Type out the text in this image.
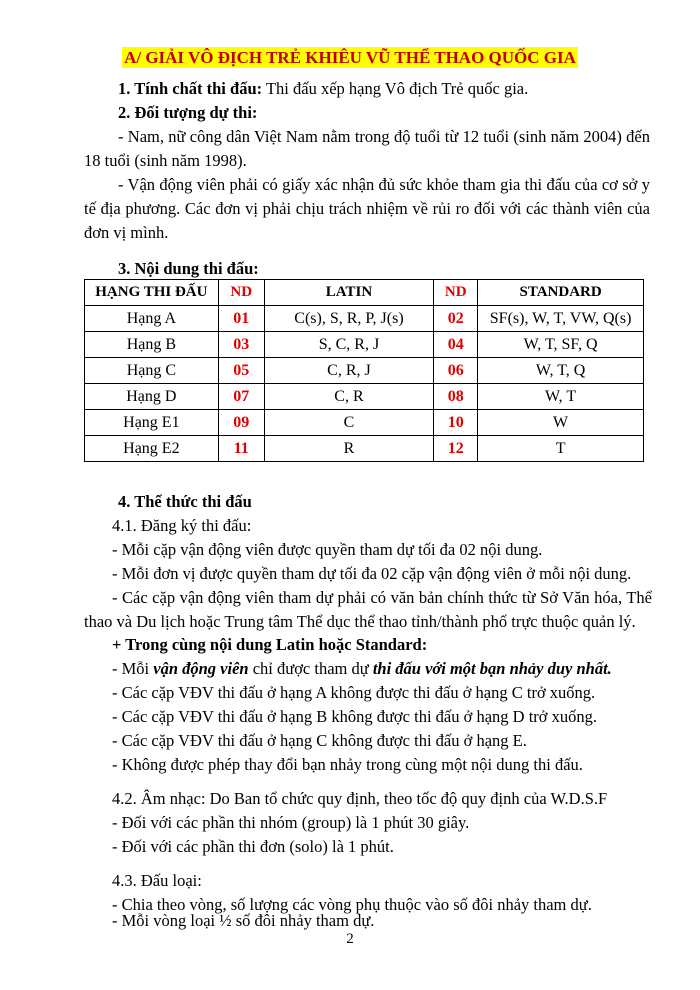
A/ GIẢI VÔ ĐỊCH TRẺ KHIÊU VŨ THỂ THAO QUỐC GIA
1. Tính chất thi đấu: Thi đấu xếp hạng Vô địch Trẻ quốc gia.
2. Đối tượng dự thi:
- Nam, nữ công dân Việt Nam nằm trong độ tuổi từ 12 tuổi (sinh năm 2004) đến 18 tuổi (sinh năm 1998).
- Vận động viên phải có giấy xác nhận đủ sức khỏe tham gia thi đấu của cơ sở y tế địa phương. Các đơn vị phải chịu trách nhiệm về rủi ro đối với các thành viên của đơn vị mình.
3. Nội dung thi đấu:
HẠNG THI ĐẤU	ND	LATIN	ND	STANDARD
Hạng A	01	C(s), S, R, P, J(s)	02	SF(s), W, T, VW, Q(s)
Hạng B	03	S, C, R, J	04	W, T, SF, Q
Hạng C	05	C, R, J	06	W, T, Q
Hạng D	07	C, R	08	W, T
Hạng E1	09	C	10	W
Hạng E2	11	R	12	T
4. Thể thức thi đấu
4.1. Đăng ký thi đấu:
- Mỗi cặp vận động viên được quyền tham dự tối đa 02 nội dung.
- Mỗi đơn vị được quyền tham dự tối đa 02 cặp vận động viên ở mỗi nội dung.
- Các cặp vận động viên tham dự phải có văn bản chính thức từ Sở Văn hóa, Thể thao và Du lịch hoặc Trung tâm Thể dục thể thao tỉnh/thành phố trực thuộc quản lý.
+ Trong cùng nội dung Latin hoặc Standard:
- Mỗi vận động viên chỉ được tham dự thi đấu với một bạn nhảy duy nhất.
- Các cặp VĐV thi đấu ở hạng A không được thi đấu ở hạng C trở xuống.
- Các cặp VĐV thi đấu ở hạng B không được thi đấu ở hạng D trở xuống.
- Các cặp VĐV thi đấu ở hạng C không được thi đấu ở hạng E.
- Không được phép thay đổi bạn nhảy trong cùng một nội dung thi đấu.
4.2. Âm nhạc: Do Ban tổ chức quy định, theo tốc độ quy định của W.D.S.F
- Đối với các phần thi nhóm (group) là 1 phút 30 giây.
- Đối với các phần thi đơn (solo) là 1 phút.
4.3. Đấu loại:
- Chia theo vòng, số lượng các vòng phụ thuộc vào số đôi nhảy tham dự.
- Mỗi vòng loại ½ số đôi nhảy tham dự.
2
